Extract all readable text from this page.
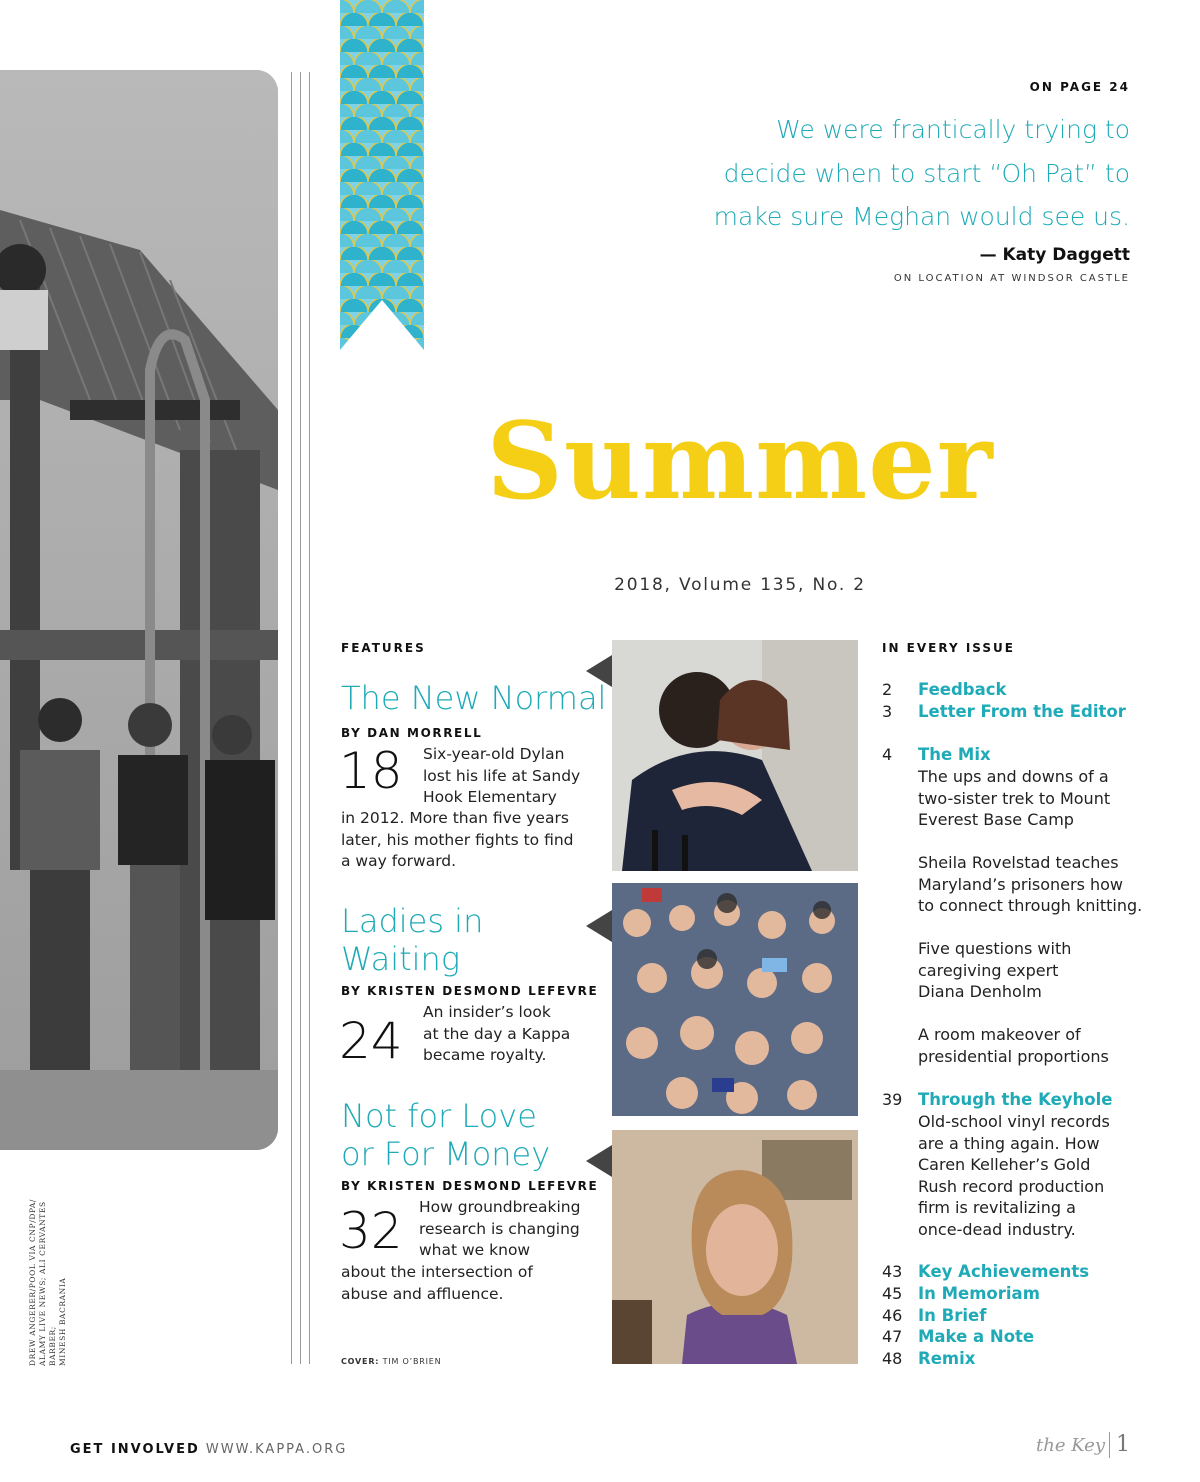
DREW ANGERER/POOL VIA CNP/DPA/ ALAMY LIVE NEWS; ALI CERVANTES BARBER; MINESH BACRANIA
ON PAGE 24
We were frantically trying to
decide when to start “Oh Pat” to
make sure Meghan would see us.
— Katy Daggett
ON LOCATION AT WINDSOR CASTLE
Summer
2018, Volume 135, No. 2
FEATURES
The New Normal
BY DAN MORRELL
18 Six-year-old Dylan
lost his life at Sandy
Hook Elementary
in 2012. More than five years
later, his mother fights to find
a way forward.
Ladies in
Waiting
BY KRISTEN DESMOND LEFEVRE
24 An insider’s look
at the day a Kappa
became royalty.
Not for Love
or For Money
BY KRISTEN DESMOND LEFEVRE
32 How groundbreaking
research is changing
what we know
about the intersection of
abuse and affluence.
COVER: TIM O’BRIEN
IN EVERY ISSUE
2	Feedback
3	Letter From the Editor
4	The Mix
The ups and downs of a
two-sister trek to Mount
Everest Base Camp
Sheila Rovelstad teaches
Maryland’s prisoners how
to connect through knitting.
Five questions with
caregiving expert
Diana Denholm
A room makeover of
presidential proportions
39 Through the Keyhole
Old-school vinyl records
are a thing again. How
Caren Kelleher’s Gold
Rush record production
firm is revitalizing a
once-dead industry.
43 Key Achievements
45 In Memoriam
46 In Brief
47 Make a Note
48 Remix
GET INVOLVED WWW.KAPPA.ORG	the Key 1
